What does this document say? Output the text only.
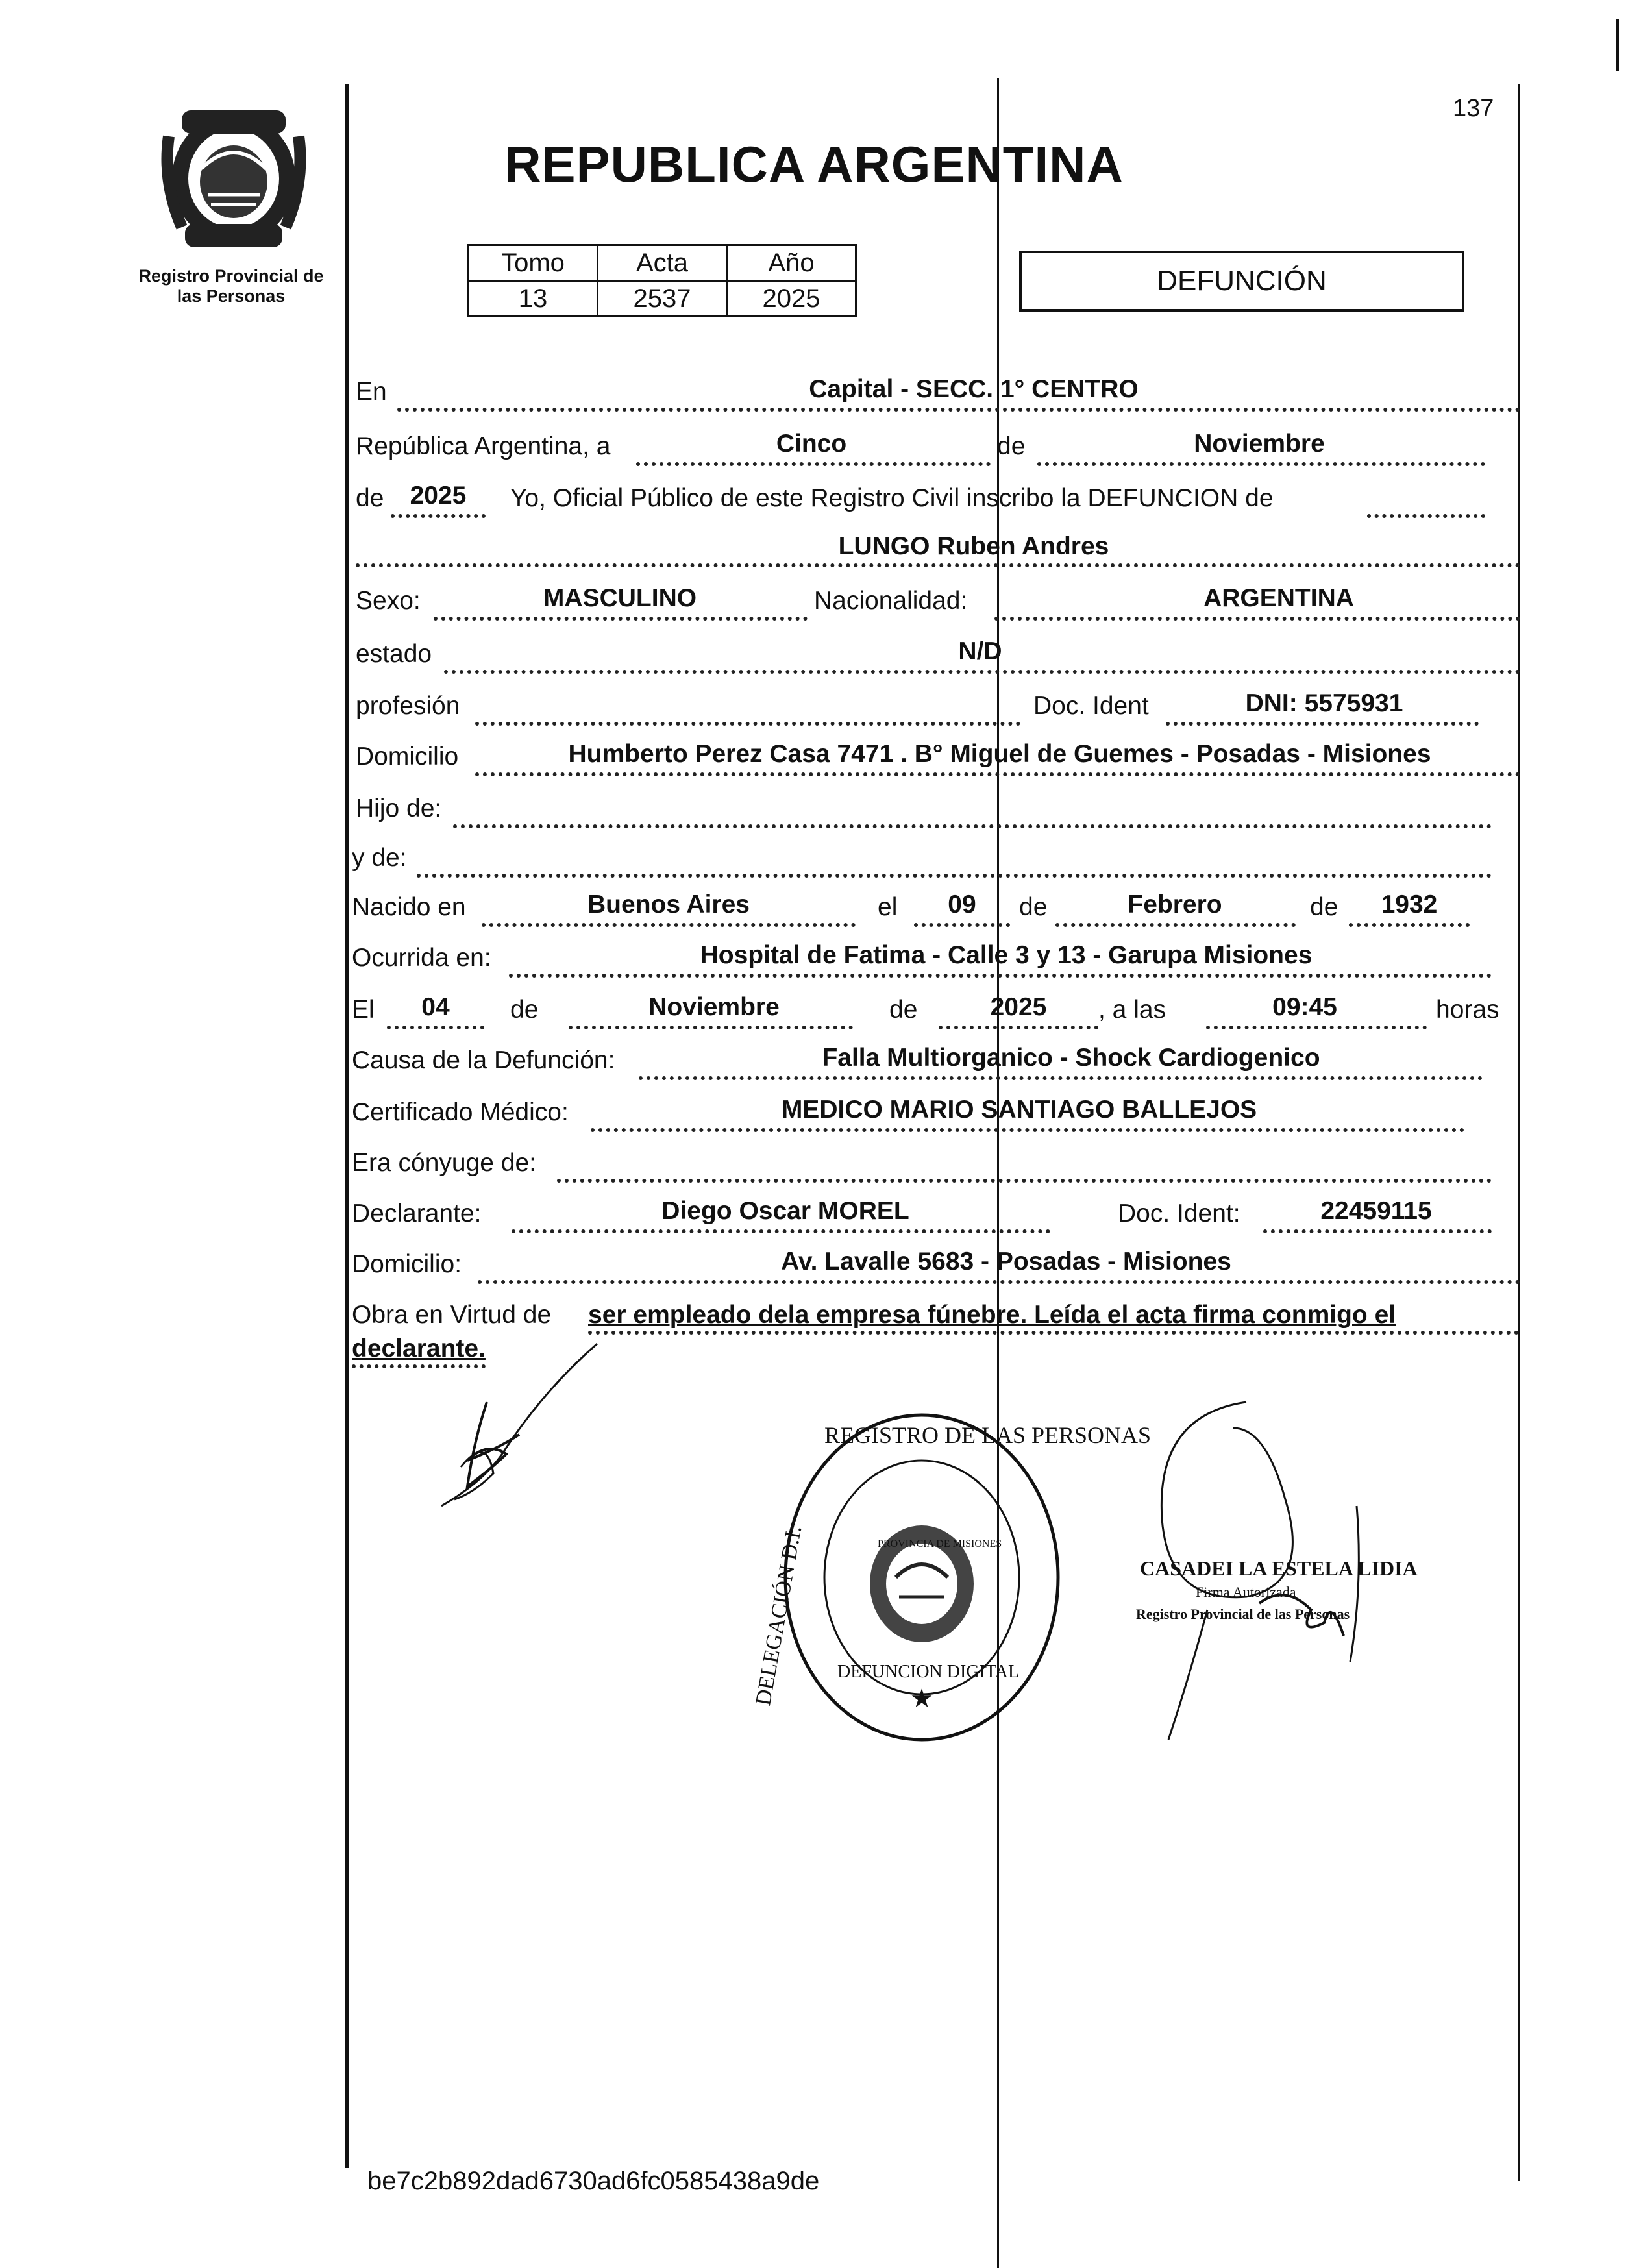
Registro Provincial de las Personas
137
REPUBLICA ARGENTINA
Tomo	Acta	Año
13	2537	2025
DEFUNCIÓN
En	Capital - SECC. 1° CENTRO
República Argentina, a	Cinco	de	Noviembre
de	2025	Yo, Oficial Público de este Registro Civil inscribo la DEFUNCION de
LUNGO Ruben Andres
Sexo:	MASCULINO	Nacionalidad:	ARGENTINA
estado	N/D
profesión	Doc. Ident	DNI: 5575931
Domicilio	Humberto Perez Casa 7471 . B° Miguel de Guemes - Posadas - Misiones
Hijo de:
y de:
Nacido en	Buenos Aires	el	09	de	Febrero	de	1932
Ocurrida en:	Hospital de Fatima - Calle 3 y 13 - Garupa Misiones
El	04	de	Noviembre	de	2025	, a las	09:45	horas
Causa de la Defunción:	Falla Multiorganico - Shock Cardiogenico
Certificado Médico:	MEDICO MARIO SANTIAGO BALLEJOS
Era cónyuge de:
Declarante:	Diego Oscar MOREL	Doc. Ident:	22459115
Domicilio:	Av. Lavalle 5683 - Posadas - Misiones
Obra en Virtud de ser empleado dela empresa fúnebre. Leída el acta firma conmigo el
declarante.
★
REGISTRO DE LAS PERSONAS
DELEGACIÓN D.I. DEFUNCION DIGITAL
PROVINCIA DE MISIONES
CASADEI LA ESTELA LIDIA
Firma Autorizada
Registro Provincial de las Personas
be7c2b892dad6730ad6fc0585438a9de
